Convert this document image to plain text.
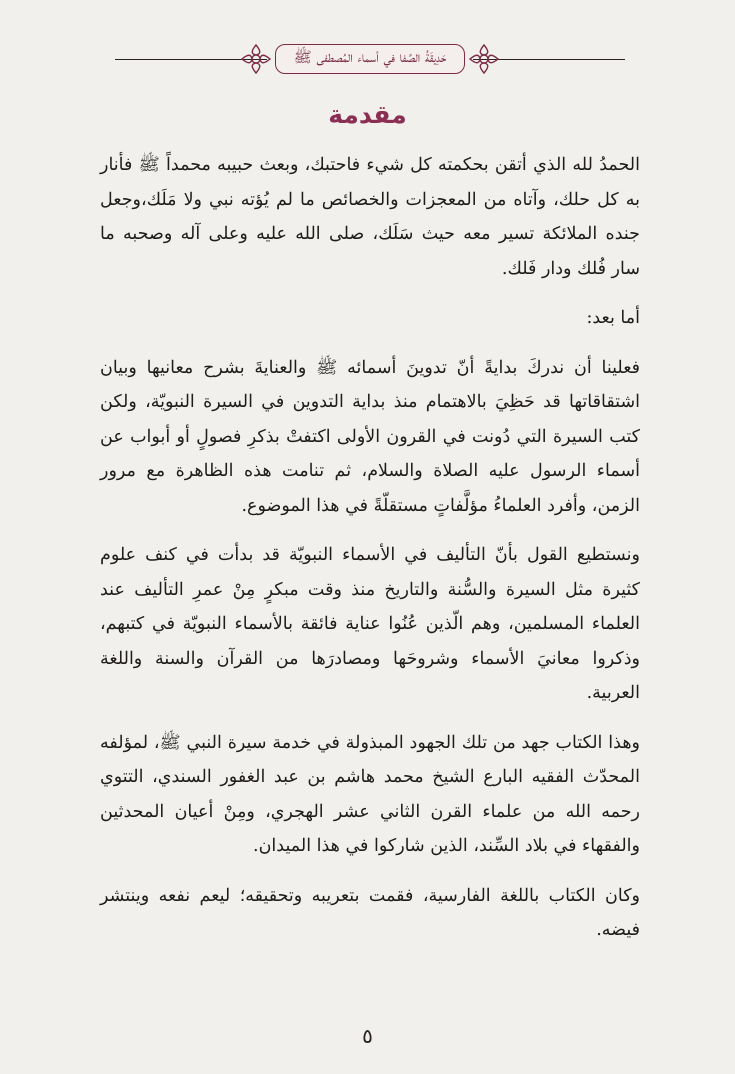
حَدِيقَةُ الصَّفا في أسماء المُصطفى ﷺ
مقدمة

الحمدُ لله الذي أتقن بحكمته كل شيء فاحتبك، وبعث حبيبه محمداً ﷺ فأنار به كل حلك، وآتاه من المعجزات والخصائص ما لم يُؤته نبي ولا مَلَك،وجعل جنده الملائكة تسير معه حيث سَلَك، صلى الله عليه وعلى آله وصحبه ما سار فُلك ودار فَلك.

أما بعد:

فعلينا أن ندركَ بدايةً أنّ تدوينَ أسمائه ﷺ والعنايةَ بشرح معانيها وبيان اشتقاقاتها قد حَظِيَ بالاهتمام منذ بداية التدوين في السيرة النبويّة، ولكن كتب السيرة التي دُونت في القرون الأولى اكتفتْ بذكرِ فصولٍ أو أبواب عن أسماء الرسول عليه الصلاة والسلام، ثم تنامت هذه الظاهرة مع مرور الزمن، وأفرد العلماءُ مؤلَّفاتٍ مستقلّةً في هذا الموضوع.

ونستطيع القول بأنّ التأليف في الأسماء النبويّة قد بدأت في كنف علوم كثيرة مثل السيرة والسُّنة والتاريخ منذ وقت مبكرٍ مِنْ عمرِ التأليف عند العلماء المسلمين، وهم الّذين عُنُوا عناية فائقة بالأسماء النبويّة في كتبهم، وذكروا معانيَ الأسماء وشروحَها ومصادرَها من القرآن والسنة واللغة العربية.

وهذا الكتاب جهد من تلك الجهود المبذولة في خدمة سيرة النبي ﷺ، لمؤلفه المحدّث الفقيه البارع الشيخ محمد هاشم بن عبد الغفور السندي، التتوي رحمه الله من علماء القرن الثاني عشر الهجري، ومِنْ أعيان المحدثين والفقهاء في بلاد السِّند، الذين شاركوا في هذا الميدان.

وكان الكتاب باللغة الفارسية، فقمت بتعريبه وتحقيقه؛ ليعم نفعه وينتشر فيضه.

٥
